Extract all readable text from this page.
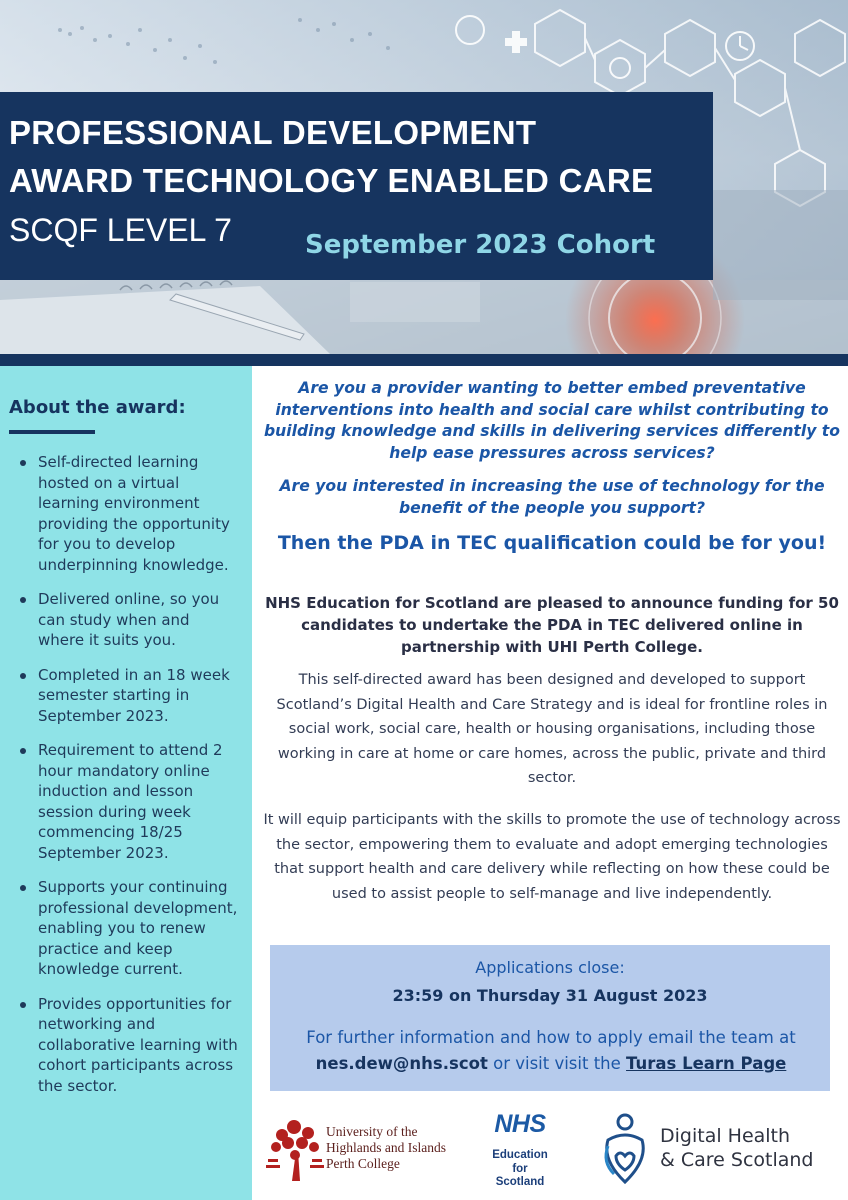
PROFESSIONAL DEVELOPMENT
AWARD TECHNOLOGY ENABLED CARE
SCQF LEVEL 7	September 2023 Cohort
About the award:
Self-directed learning hosted on a virtual learning environment providing the opportunity for you to develop underpinning knowledge.
Delivered online, so you can study when and where it suits you.
Completed in an 18 week semester starting in September 2023.
Requirement to attend 2 hour mandatory online induction and lesson session during week commencing 18/25 September 2023.
Supports your continuing professional development, enabling you to renew practice and keep knowledge current.
Provides opportunities for networking and collaborative learning with cohort participants across the sector.
Are you a provider wanting to better embed preventative interventions into health and social care whilst contributing to building knowledge and skills in delivering services differently to help ease pressures across services?
Are you interested in increasing the use of technology for the benefit of the people you support?
Then the PDA in TEC qualification could be for you!
NHS Education for Scotland are pleased to announce funding for 50 candidates to undertake the PDA in TEC delivered online in partnership with UHI Perth College.
This self-directed award has been designed and developed to support Scotland’s Digital Health and Care Strategy and is ideal for frontline roles in social work, social care, health or housing organisations, including those working in care at home or care homes, across the public, private and third sector.
It will equip participants with the skills to promote the use of technology across the sector, empowering them to evaluate and adopt emerging technologies that support health and care delivery while reflecting on how these could be used to assist people to self-manage and live independently.
Applications close:
23:59 on Thursday 31 August 2023
For further information and how to apply email the team at nes.dew@nhs.scot or visit visit the Turas Learn Page
University of the
Highlands and Islands
Perth College
NHS
Education
for
Scotland
Digital Health
& Care Scotland
